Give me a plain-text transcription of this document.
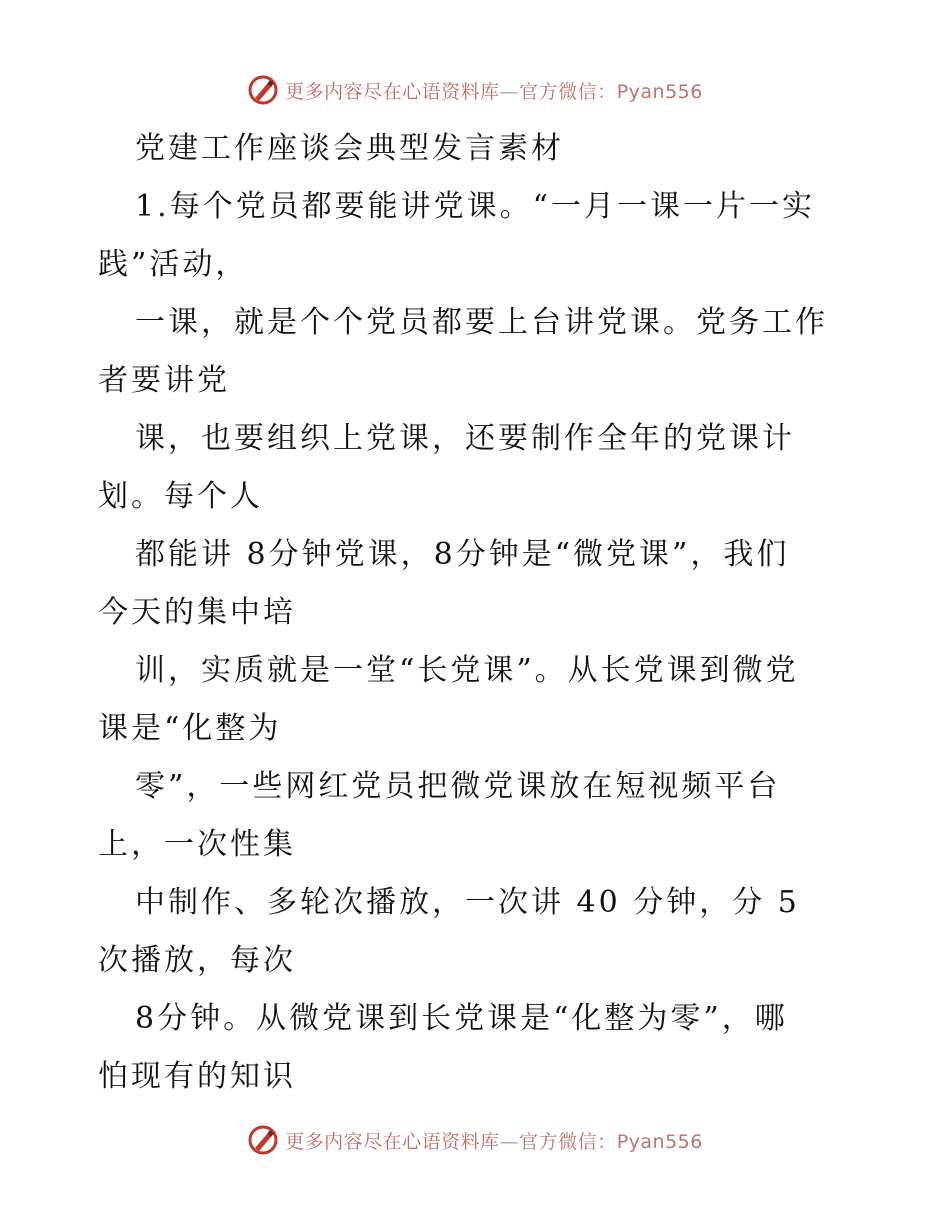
更多内容尽在心语资料库—官方微信：Pyan556
党建工作座谈会典型发言素材
1.每个党员都要能讲党课。“一月一课一片一实
践”活动，
一课，就是个个党员都要上台讲党课。党务工作
者要讲党
课，也要组织上党课，还要制作全年的党课计
划。每个人
都能讲 8分钟党课，8分钟是“微党课”，我们
今天的集中培
训，实质就是一堂“长党课”。从长党课到微党
课是“化整为
零”，一些网红党员把微党课放在短视频平台
上，一次性集
中制作、多轮次播放，一次讲 40 分钟，分 5
次播放，每次
8分钟。从微党课到长党课是“化整为零”，哪
怕现有的知识
更多内容尽在心语资料库—官方微信：Pyan556
